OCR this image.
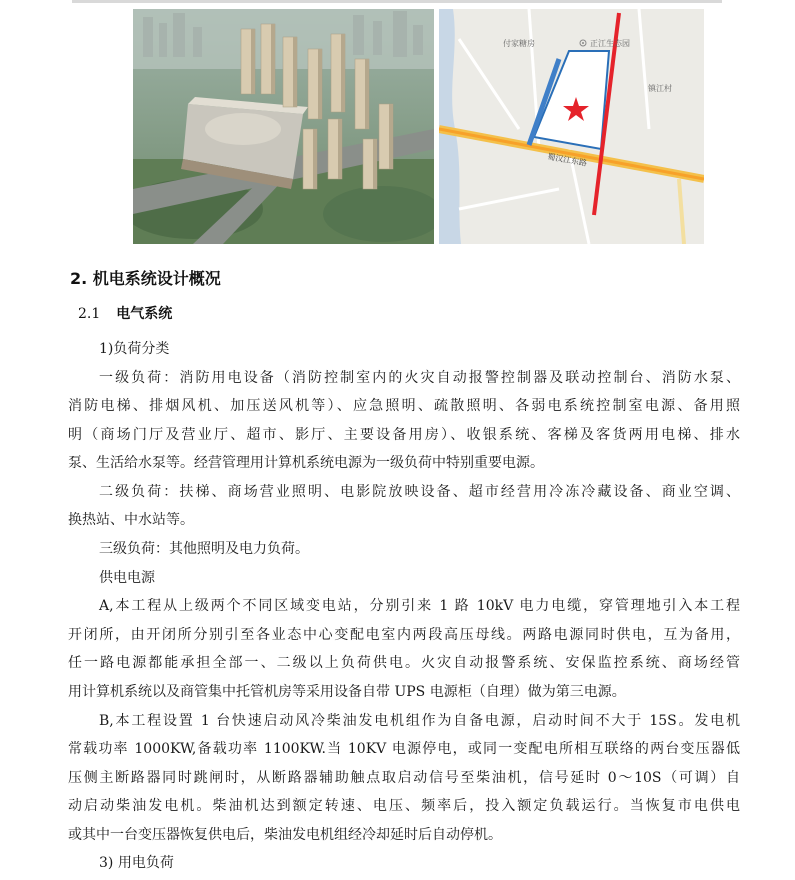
付家糖房	正江生态园
镇江村
蜀汉江东路
2. 机电系统设计概况
2.1 电气系统
1)负荷分类
一级负荷：消防用电设备（消防控制室内的火灾自动报警控制器及联动控制台、消防水泵、
消防电梯、排烟风机、加压送风机等）、应急照明、疏散照明、各弱电系统控制室电源、备用照
明（商场门厅及营业厅、超市、影厅、主要设备用房）、收银系统、客梯及客货两用电梯、排水
泵、生活给水泵等。经营管理用计算机系统电源为一级负荷中特别重要电源。
二级负荷：扶梯、商场营业照明、电影院放映设备、超市经营用冷冻冷藏设备、商业空调、
换热站、中水站等。
三级负荷：其他照明及电力负荷。
供电电源
A,本工程从上级两个不同区域变电站，分别引来 1 路 10kV 电力电缆，穿管理地引入本工程
开闭所，由开闭所分别引至各业态中心变配电室内两段高压母线。两路电源同时供电，互为备用，
任一路电源都能承担全部一、二级以上负荷供电。火灾自动报警系统、安保监控系统、商场经管
用计算机系统以及商管集中托管机房等采用设备自带 UPS 电源柜（自理）做为第三电源。
B,本工程设置 1 台快速启动风冷柴油发电机组作为自备电源，启动时间不大于 15S。发电机
常载功率 1000KW,备载功率 1100KW.当 10KV 电源停电，或同一变配电所相互联络的两台变压器低
压侧主断路器同时跳闸时，从断路器辅助触点取启动信号至柴油机，信号延时 0～10S（可调）自
动启动柴油发电机。柴油机达到额定转速、电压、频率后，投入额定负载运行。当恢复市电供电
或其中一台变压器恢复供电后，柴油发电机组经冷却延时后自动停机。
3) 用电负荷
